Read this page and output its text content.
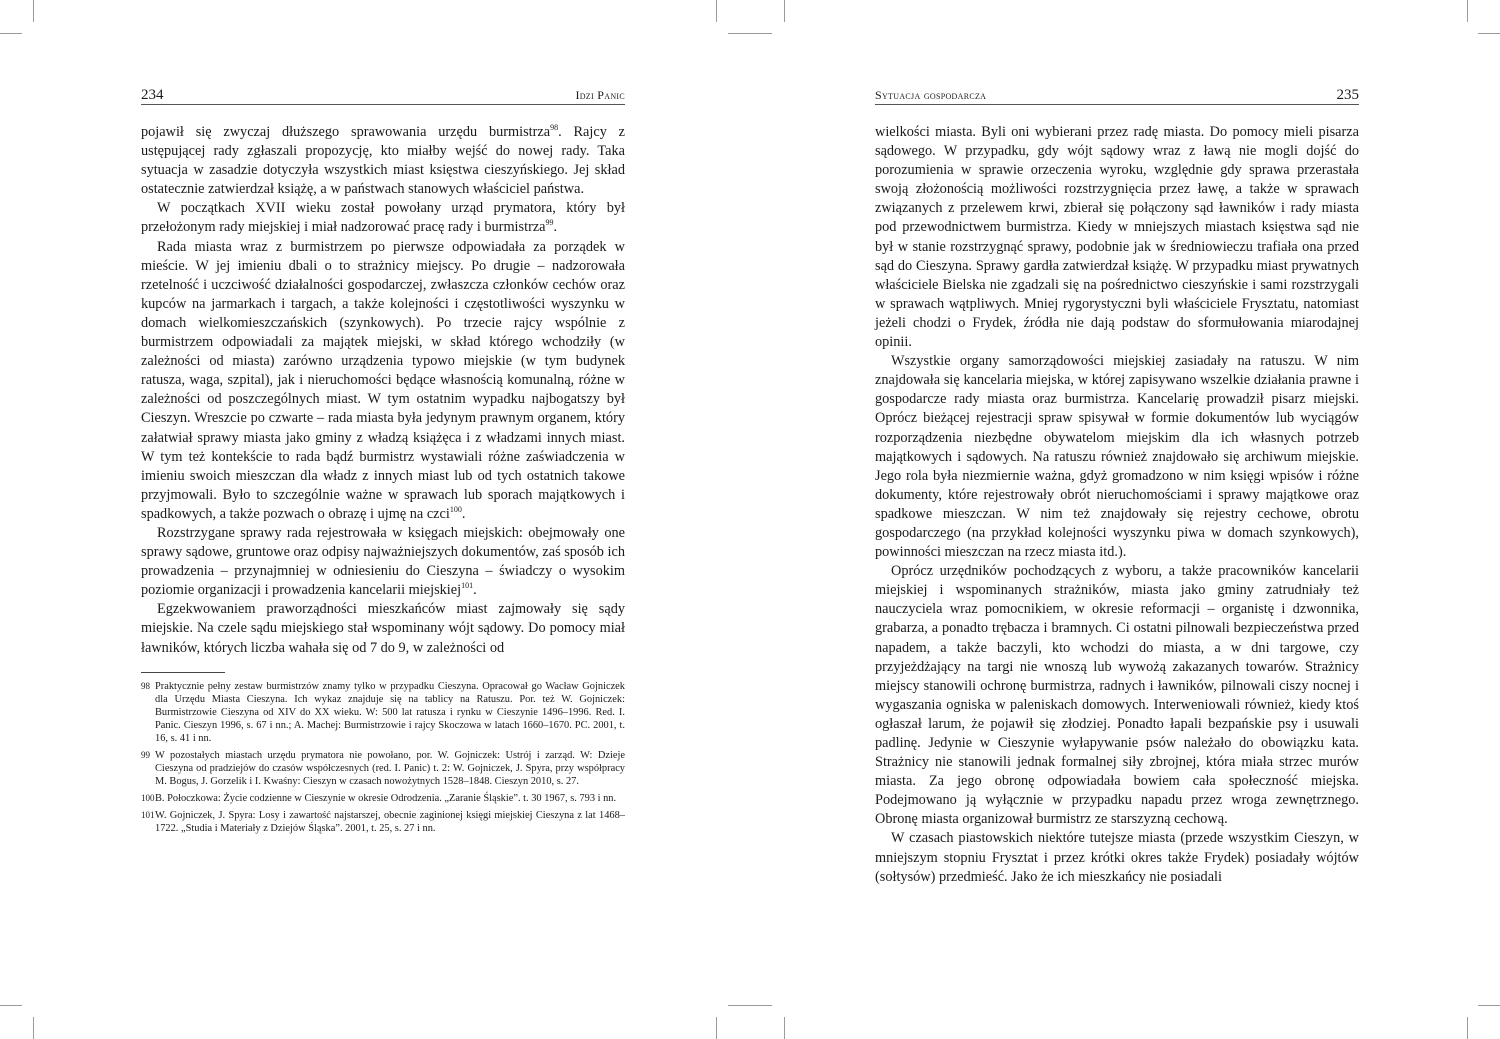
234	Idzi Panic

pojawił się zwyczaj dłuższego sprawowania urzędu burmistrza$^{98}$. Rajcy z ustępującej rady zgłaszali propozycję, kto miałby wejść do nowej rady. Taka sytuacja w zasadzie dotyczyła wszystkich miast księstwa cieszyńskiego. Jej skład ostatecznie zatwierdzał książę, a w państwach stanowych właściciel państwa.

W początkach XVII wieku został powołany urząd prymatora, który był przełożonym rady miejskiej i miał nadzorować pracę rady i burmistrza$^{99}$.

Rada miasta wraz z burmistrzem po pierwsze odpowiadała za porządek w mieście. W jej imieniu dbali o to strażnicy miejscy. Po drugie – nadzorowała rzetelność i uczciwość działalności gospodarczej, zwłaszcza członków cechów oraz kupców na jarmarkach i targach, a także kolejności i częstotliwości wyszynku w domach wielkomieszczańskich (szynkowych). Po trzecie rajcy wspólnie z burmistrzem odpowiadali za majątek miejski, w skład którego wchodziły (w zależności od miasta) zarówno urządzenia typowo miejskie (w tym budynek ratusza, waga, szpital), jak i nieruchomości będące własnością komunalną, różne w zależności od poszczególnych miast. W tym ostatnim wypadku najbogatszy był Cieszyn. Wreszcie po czwarte – rada miasta była jedynym prawnym organem, który załatwiał sprawy miasta jako gminy z władzą książęca i z władzami innych miast. W tym też kontekście to rada bądź burmistrz wystawiali różne zaświadczenia w imieniu swoich mieszczan dla władz z innych miast lub od tych ostatnich takowe przyjmowali. Było to szczególnie ważne w sprawach lub sporach majątkowych i spadkowych, a także pozwach o obrazę i ujmę na czci$^{100}$.

Rozstrzygane sprawy rada rejestrowała w księgach miejskich: obejmowały one sprawy sądowe, gruntowe oraz odpisy najważniejszych dokumentów, zaś sposób ich prowadzenia – przynajmniej w odniesieniu do Cieszyna – świadczy o wysokim poziomie organizacji i prowadzenia kancelarii miejskiej$^{101}$.

Egzekwowaniem praworządności mieszkańców miast zajmowały się sądy miejskie. Na czele sądu miejskiego stał wspominany wójt sądowy. Do pomocy miał ławników, których liczba wahała się od 7 do 9, w zależności od

98 Praktycznie pełny zestaw burmistrzów znamy tylko w przypadku Cieszyna. Opracował go Wacław Gojniczek dla Urzędu Miasta Cieszyna. Ich wykaz znajduje się na tablicy na Ratuszu. Por. też W. Gojniczek: Burmistrzowie Cieszyna od XIV do XX wieku. W: 500 lat ratusza i rynku w Cieszynie 1496–1996. Red. I. Panic. Cieszyn 1996, s. 67 i nn.; A. Machej: Burmistrzowie i rajcy Skoczowa w latach 1660–1670. PC. 2001, t. 16, s. 41 i nn.
99 W pozostałych miastach urzędu prymatora nie powołano, por. W. Gojniczek: Ustrój i zarząd. W: Dzieje Cieszyna od pradziejów do czasów współczesnych (red. I. Panic) t. 2: W. Gojniczek, J. Spyra, przy współpracy M. Bogus, J. Gorzelik i I. Kwaśny: Cieszyn w czasach nowożytnych 1528–1848. Cieszyn 2010, s. 27.
100 B. Połoczkowa: Życie codzienne w Cieszynie w okresie Odrodzenia. „Zaranie Śląskie”. t. 30 1967, s. 793 i nn.
101 W. Gojniczek, J. Spyra: Losy i zawartość najstarszej, obecnie zaginionej księgi miejskiej Cieszyna z lat 1468–1722. „Studia i Materiały z Dziejów Śląska”. 2001, t. 25, s. 27 i nn.
Sytuacja gospodarcza	235

wielkości miasta. Byli oni wybierani przez radę miasta. Do pomocy mieli pisarza sądowego. W przypadku, gdy wójt sądowy wraz z ławą nie mogli dojść do porozumienia w sprawie orzeczenia wyroku, względnie gdy sprawa przerastała swoją złożonością możliwości rozstrzygnięcia przez ławę, a także w sprawach związanych z przelewem krwi, zbierał się połączony sąd ławników i rady miasta pod przewodnictwem burmistrza. Kiedy w mniejszych miastach księstwa sąd nie był w stanie rozstrzygnąć sprawy, podobnie jak w średniowieczu trafiała ona przed sąd do Cieszyna. Sprawy gardła zatwierdzał książę. W przypadku miast prywatnych właściciele Bielska nie zgadzali się na pośrednictwo cieszyńskie i sami rozstrzygali w sprawach wątpliwych. Mniej rygorystyczni byli właściciele Frysztatu, natomiast jeżeli chodzi o Frydek, źródła nie dają podstaw do sformułowania miarodajnej opinii.

Wszystkie organy samorządowości miejskiej zasiadały na ratuszu. W nim znajdowała się kancelaria miejska, w której zapisywano wszelkie działania prawne i gospodarcze rady miasta oraz burmistrza. Kancelarię prowadził pisarz miejski. Oprócz bieżącej rejestracji spraw spisywał w formie dokumentów lub wyciągów rozporządzenia niezbędne obywatelom miejskim dla ich własnych potrzeb majątkowych i sądowych. Na ratuszu również znajdowało się archiwum miejskie. Jego rola była niezmiernie ważna, gdyż gromadzono w nim księgi wpisów i różne dokumenty, które rejestrowały obrót nieruchomościami i sprawy majątkowe oraz spadkowe mieszczan. W nim też znajdowały się rejestry cechowe, obrotu gospodarczego (na przykład kolejności wyszynku piwa w domach szynkowych), powinności mieszczan na rzecz miasta itd.).

Oprócz urzędników pochodzących z wyboru, a także pracowników kancelarii miejskiej i wspominanych strażników, miasta jako gminy zatrudniały też nauczyciela wraz pomocnikiem, w okresie reformacji – organistę i dzwonnika, grabarza, a ponadto trębacza i bramnych. Ci ostatni pilnowali bezpieczeństwa przed napadem, a także baczyli, kto wchodzi do miasta, a w dni targowe, czy przyjeżdżający na targi nie wnoszą lub wywożą zakazanych towarów. Strażnicy miejscy stanowili ochronę burmistrza, radnych i ławników, pilnowali ciszy nocnej i wygaszania ogniska w paleniskach domowych. Interweniowali również, kiedy ktoś ogłaszał larum, że pojawił się złodziej. Ponadto łapali bezpańskie psy i usuwali padlinę. Jedynie w Cieszynie wyłapywanie psów należało do obowiązku kata. Strażnicy nie stanowili jednak formalnej siły zbrojnej, która miała strzec murów miasta. Za jego obronę odpowiadała bowiem cała społeczność miejska. Podejmowano ją wyłącznie w przypadku napadu przez wroga zewnętrznego. Obronę miasta organizował burmistrz ze starszyzną cechową.

W czasach piastowskich niektóre tutejsze miasta (przede wszystkim Cieszyn, w mniejszym stopniu Frysztat i przez krótki okres także Frydek) posiadały wójtów (sołtysów) przedmieść. Jako że ich mieszkańcy nie posiadali
